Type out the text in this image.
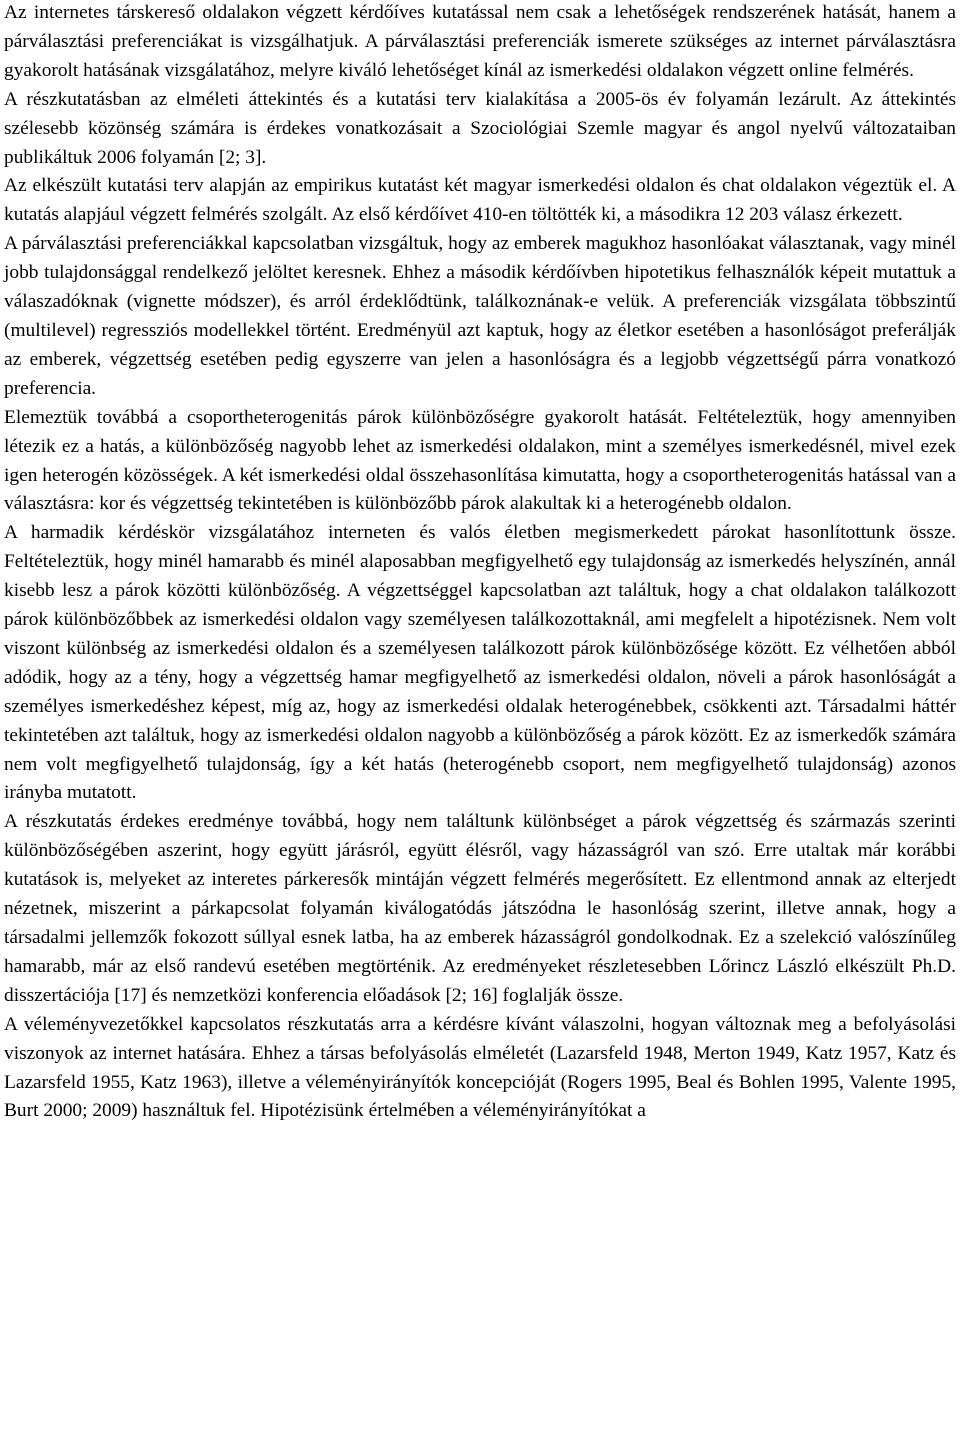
Az internetes társkereső oldalakon végzett kérdőíves kutatással nem csak a lehetőségek rendszerének hatását, hanem a párválasztási preferenciákat is vizsgálhatjuk. A párválasztási preferenciák ismerete szükséges az internet párválasztásra gyakorolt hatásának vizsgálatához, melyre kiváló lehetőséget kínál az ismerkedési oldalakon végzett online felmérés.

A részkutatásban az elméleti áttekintés és a kutatási terv kialakítása a 2005-ös év folyamán lezárult. Az áttekintés szélesebb közönség számára is érdekes vonatkozásait a Szociológiai Szemle magyar és angol nyelvű változataiban publikáltuk 2006 folyamán [2; 3].

Az elkészült kutatási terv alapján az empirikus kutatást két magyar ismerkedési oldalon és chat oldalakon végeztük el. A kutatás alapjául végzett felmérés szolgált. Az első kérdőívet 410-en töltötték ki, a másodikra 12 203 válasz érkezett.

A párválasztási preferenciákkal kapcsolatban vizsgáltuk, hogy az emberek magukhoz hasonlóakat választanak, vagy minél jobb tulajdonsággal rendelkező jelöltet keresnek. Ehhez a második kérdőívben hipotetikus felhasználók képeit mutattuk a válaszadóknak (vignette módszer), és arról érdeklődtünk, találkoznának-e velük. A preferenciák vizsgálata többszintű (multilevel) regressziós modellekkel történt. Eredményül azt kaptuk, hogy az életkor esetében a hasonlóságot preferálják az emberek, végzettség esetében pedig egyszerre van jelen a hasonlóságra és a legjobb végzettségű párra vonatkozó preferencia.

Elemeztük továbbá a csoportheterogenitás párok különbözőségre gyakorolt hatását. Feltételeztük, hogy amennyiben létezik ez a hatás, a különbözőség nagyobb lehet az ismerkedési oldalakon, mint a személyes ismerkedésnél, mivel ezek igen heterogén közösségek. A két ismerkedési oldal összehasonlítása kimutatta, hogy a csoportheterogenitás hatással van a választásra: kor és végzettség tekintetében is különbözőbb párok alakultak ki a heterogénebb oldalon.

A harmadik kérdéskör vizsgálatához interneten és valós életben megismerkedett párokat hasonlítottunk össze. Feltételeztük, hogy minél hamarabb és minél alaposabban megfigyelhető egy tulajdonság az ismerkedés helyszínén, annál kisebb lesz a párok közötti különbözőség. A végzettséggel kapcsolatban azt találtuk, hogy a chat oldalakon találkozott párok különbözőbbek az ismerkedési oldalon vagy személyesen találkozottaknál, ami megfelelt a hipotézisnek. Nem volt viszont különbség az ismerkedési oldalon és a személyesen találkozott párok különbözősége között. Ez vélhetően abból adódik, hogy az a tény, hogy a végzettség hamar megfigyelhető az ismerkedési oldalon, növeli a párok hasonlóságát a személyes ismerkedéshez képest, míg az, hogy az ismerkedési oldalak heterogénebbek, csökkenti azt. Társadalmi háttér tekintetében azt találtuk, hogy az ismerkedési oldalon nagyobb a különbözőség a párok között. Ez az ismerkedők számára nem volt megfigyelhető tulajdonság, így a két hatás (heterogénebb csoport, nem megfigyelhető tulajdonság) azonos irányba mutatott.

A részkutatás érdekes eredménye továbbá, hogy nem találtunk különbséget a párok végzettség és származás szerinti különbözőségében aszerint, hogy együtt járásról, együtt élésről, vagy házasságról van szó. Erre utaltak már korábbi kutatások is, melyeket az interetes párkeresők mintáján végzett felmérés megerősített. Ez ellentmond annak az elterjedt nézetnek, miszerint a párkapcsolat folyamán kiválogatódás játszódna le hasonlóság szerint, illetve annak, hogy a társadalmi jellemzők fokozott súllyal esnek latba, ha az emberek házasságról gondolkodnak. Ez a szelekció valószínűleg hamarabb, már az első randevú esetében megtörténik. Az eredményeket részletesebben Lőrincz László elkészült Ph.D. disszertációja [17] és nemzetközi konferencia előadások [2; 16] foglalják össze.

A véleményvezetőkkel kapcsolatos részkutatás arra a kérdésre kívánt válaszolni, hogyan változnak meg a befolyásolási viszonyok az internet hatására. Ehhez a társas befolyásolás elméletét (Lazarsfeld 1948, Merton 1949, Katz 1957, Katz és Lazarsfeld 1955, Katz 1963), illetve a véleményirányítók koncepcióját (Rogers 1995, Beal és Bohlen 1995, Valente 1995, Burt 2000; 2009) használtuk fel. Hipotézisünk értelmében a véleményirányítókat a
